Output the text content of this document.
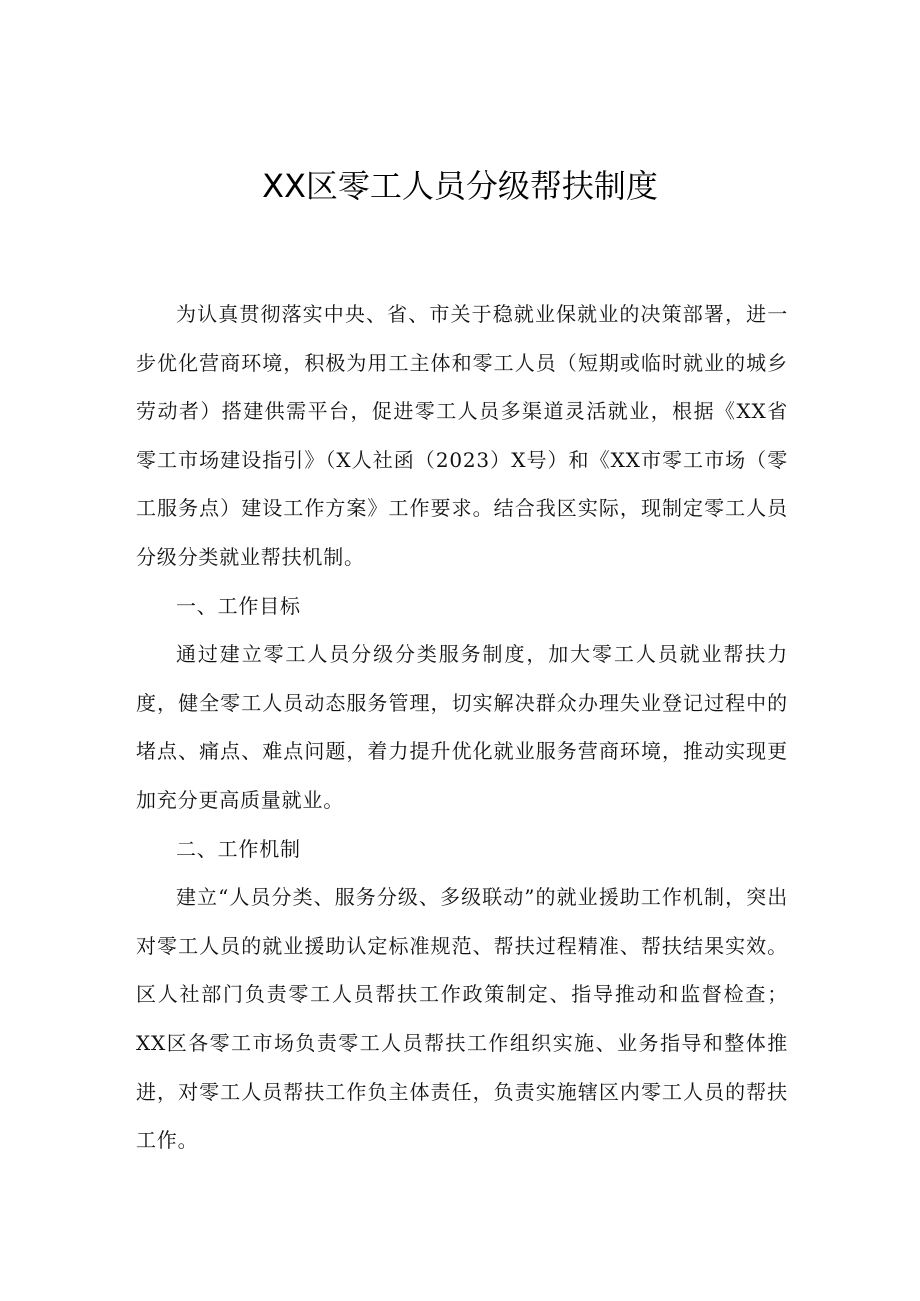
XX区零工人员分级帮扶制度

为认真贯彻落实中央、省、市关于稳就业保就业的决策部署，进一步优化营商环境，积极为用工主体和零工人员（短期或临时就业的城乡劳动者）搭建供需平台，促进零工人员多渠道灵活就业，根据《XX省零工市场建设指引》（X人社函（2023）X号）和《XX市零工市场（零工服务点）建设工作方案》工作要求。结合我区实际，现制定零工人员分级分类就业帮扶机制。

一、工作目标

通过建立零工人员分级分类服务制度，加大零工人员就业帮扶力度，健全零工人员动态服务管理，切实解决群众办理失业登记过程中的堵点、痛点、难点问题，着力提升优化就业服务营商环境，推动实现更加充分更高质量就业。

二、工作机制

建立“人员分类、服务分级、多级联动”的就业援助工作机制，突出对零工人员的就业援助认定标准规范、帮扶过程精准、帮扶结果实效。区人社部门负责零工人员帮扶工作政策制定、指导推动和监督检查；XX区各零工市场负责零工人员帮扶工作组织实施、业务指导和整体推进，对零工人员帮扶工作负主体责任，负责实施辖区内零工人员的帮扶工作。
